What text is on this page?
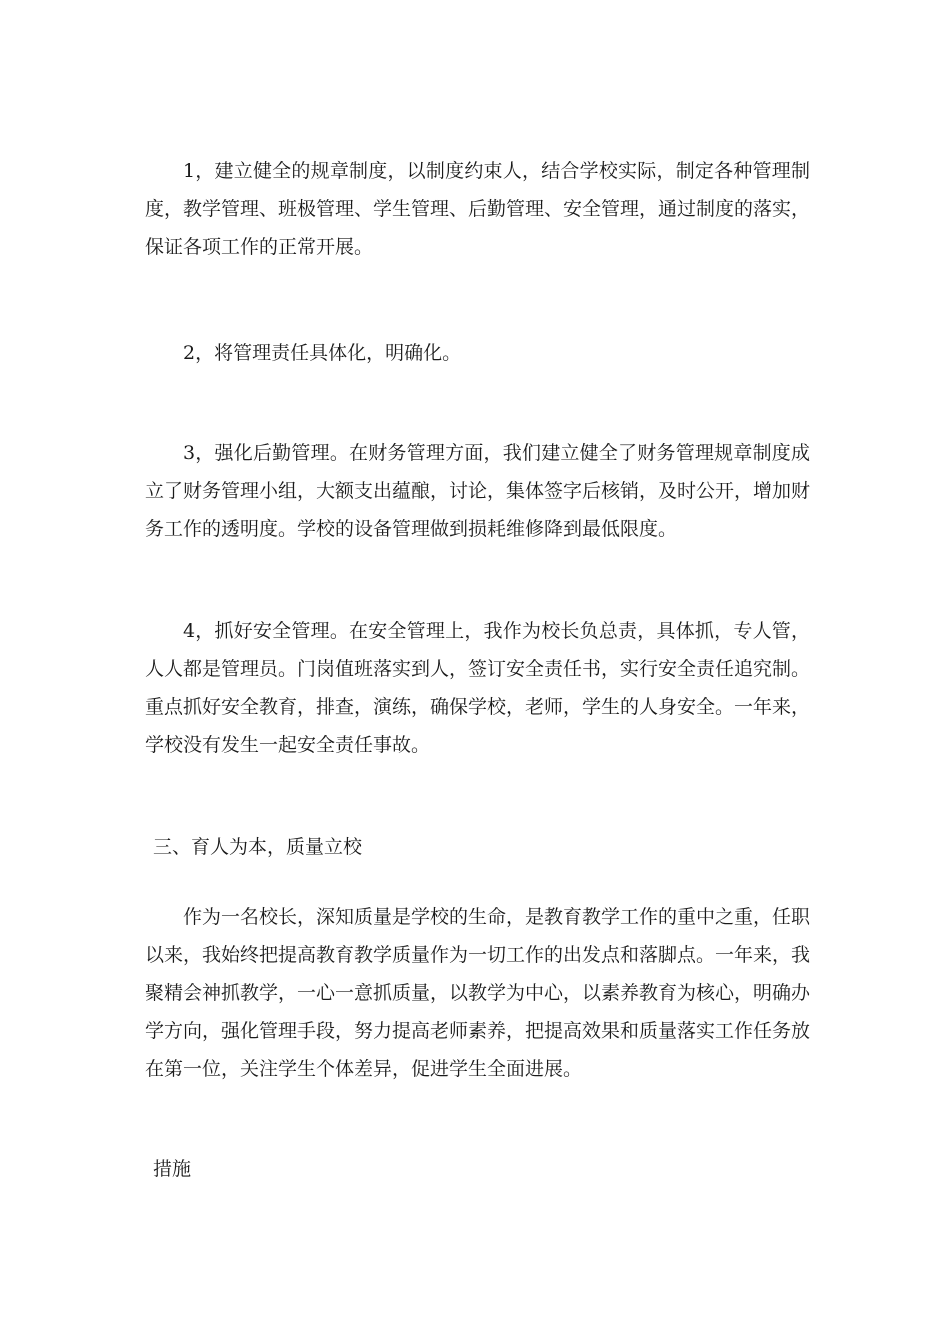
1，建立健全的规章制度，以制度约束人，结合学校实际，制定各种管理制度，教学管理、班极管理、学生管理、后勤管理、安全管理，通过制度的落实，保证各项工作的正常开展。

2，将管理责任具体化，明确化。

3，强化后勤管理。在财务管理方面，我们建立健全了财务管理规章制度成立了财务管理小组，大额支出蕴酿，讨论，集体签字后核销，及时公开，增加财务工作的透明度。学校的设备管理做到损耗维修降到最低限度。

4，抓好安全管理。在安全管理上，我作为校长负总责，具体抓，专人管，人人都是管理员。门岗值班落实到人，签订安全责任书，实行安全责任追究制。重点抓好安全教育，排查，演练，确保学校，老师，学生的人身安全。一年来，学校没有发生一起安全责任事故。

三、育人为本，质量立校

作为一名校长，深知质量是学校的生命，是教育教学工作的重中之重，任职以来，我始终把提高教育教学质量作为一切工作的出发点和落脚点。一年来，我聚精会神抓教学，一心一意抓质量，以教学为中心，以素养教育为核心，明确办学方向，强化管理手段，努力提高老师素养，把提高效果和质量落实工作任务放在第一位，关注学生个体差异，促进学生全面进展。

措施
